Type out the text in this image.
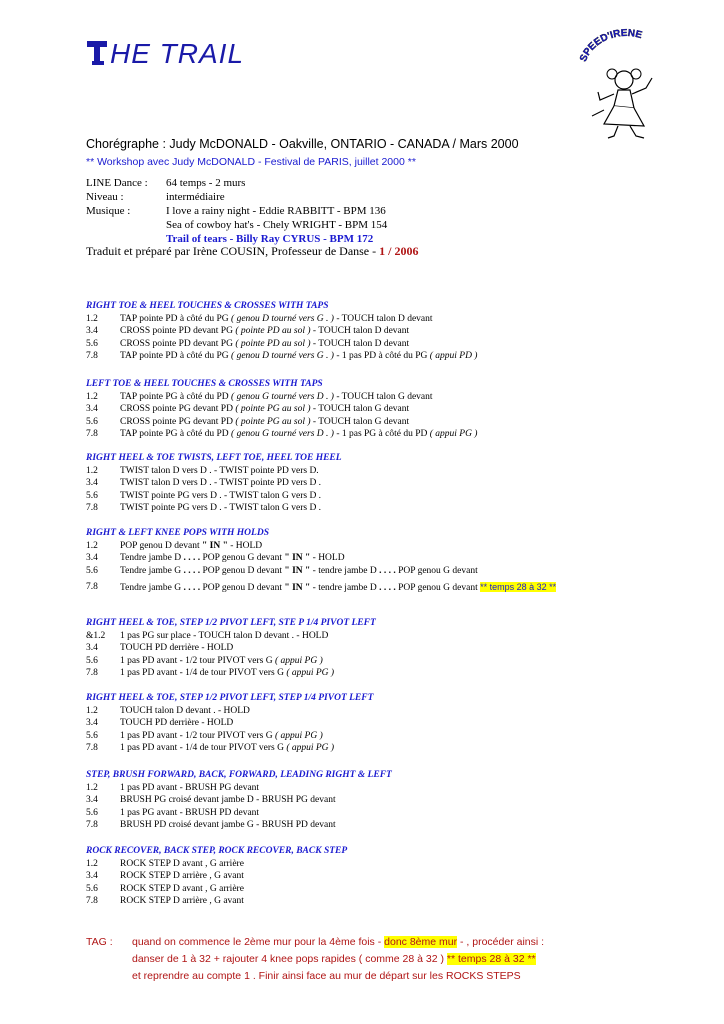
HE TRAIL	SPEED'IRENE
Chorégraphe : Judy McDONALD - Oakville, ONTARIO - CANADA / Mars 2000
** Workshop avec Judy McDONALD - Festival de PARIS, juillet 2000 **
LINE Dance :	64 temps - 2 murs
Niveau :	intermédiaire
Musique :	I love a rainy night - Eddie RABBITT - BPM 136
Sea of cowboy hat's - Chely WRIGHT - BPM 154
Trail of tears - Billy Ray CYRUS - BPM 172
Traduit et préparé par Irène COUSIN, Professeur de Danse - 1 / 2006
RIGHT TOE & HEEL TOUCHES & CROSSES WITH TAPS
1.2	TAP pointe PD à côté du PG ( genou D tourné vers G . ) - TOUCH talon D devant
3.4	CROSS pointe PD devant PG ( pointe PD au sol ) - TOUCH talon D devant
5.6	CROSS pointe PD devant PG ( pointe PD au sol ) - TOUCH talon D devant
7.8	TAP pointe PD à côté du PG ( genou D tourné vers G . ) - 1 pas PD à côté du PG ( appui PD )
LEFT TOE & HEEL TOUCHES & CROSSES WITH TAPS
1.2	TAP pointe PG à côté du PD ( genou G tourné vers D . ) - TOUCH talon G devant
3.4	CROSS pointe PG devant PD ( pointe PG au sol ) - TOUCH talon G devant
5.6	CROSS pointe PG devant PD ( pointe PG au sol ) - TOUCH talon G devant
7.8	TAP pointe PG à côté du PD ( genou G tourné vers D . ) - 1 pas PG à côté du PD ( appui PG )
RIGHT HEEL & TOE TWISTS, LEFT TOE, HEEL TOE HEEL
1.2	TWIST talon D vers D . - TWIST pointe PD vers D.
3.4	TWIST talon D vers D . - TWIST pointe PD vers D .
5.6	TWIST pointe PG vers D . - TWIST talon G vers D .
7.8	TWIST pointe PG vers D . - TWIST talon G vers D .
RIGHT & LEFT KNEE POPS WITH HOLDS
1.2	POP genou D devant " IN " - HOLD
3.4	Tendre jambe D . . . . POP genou G devant " IN " - HOLD
5.6	Tendre jambe G . . . . POP genou D devant " IN " - tendre jambe D . . . . POP genou G devant
7.8	Tendre jambe G . . . . POP genou D devant " IN " - tendre jambe D . . . . POP genou G devant ** temps 28 à 32 **
RIGHT HEEL & TOE, STEP 1/2 PIVOT LEFT, STE P 1/4 PIVOT LEFT
&1.2	1 pas PG sur place - TOUCH talon D devant . - HOLD
3.4	TOUCH PD derrière - HOLD
5.6	1 pas PD avant - 1/2 tour PIVOT vers G ( appui PG )
7.8	1 pas PD avant - 1/4 de tour PIVOT vers G ( appui PG )
RIGHT HEEL & TOE, STEP 1/2 PIVOT LEFT, STEP 1/4 PIVOT LEFT
1.2	TOUCH talon D devant . - HOLD
3.4	TOUCH PD derrière - HOLD
5.6	1 pas PD avant - 1/2 tour PIVOT vers G ( appui PG )
7.8	1 pas PD avant - 1/4 de tour PIVOT vers G ( appui PG )
STEP, BRUSH FORWARD, BACK, FORWARD, LEADING RIGHT & LEFT
1.2	1 pas PD avant - BRUSH PG devant
3.4	BRUSH PG croisé devant jambe D - BRUSH PG devant
5.6	1 pas PG avant - BRUSH PD devant
7.8	BRUSH PD croisé devant jambe G - BRUSH PD devant
ROCK RECOVER, BACK STEP, ROCK RECOVER, BACK STEP
1.2	ROCK STEP D avant , G arrière
3.4	ROCK STEP D arrière , G avant
5.6	ROCK STEP D avant , G arrière
7.8	ROCK STEP D arrière , G avant
TAG :	quand on commence le 2ème mur pour la 4ème fois - donc 8ème mur - , procéder ainsi :
danser de 1 à 32 + rajouter 4 knee pops rapides ( comme 28 à 32 ) ** temps 28 à 32 **
et reprendre au compte 1 . Finir ainsi face au mur de départ sur les ROCKS STEPS
